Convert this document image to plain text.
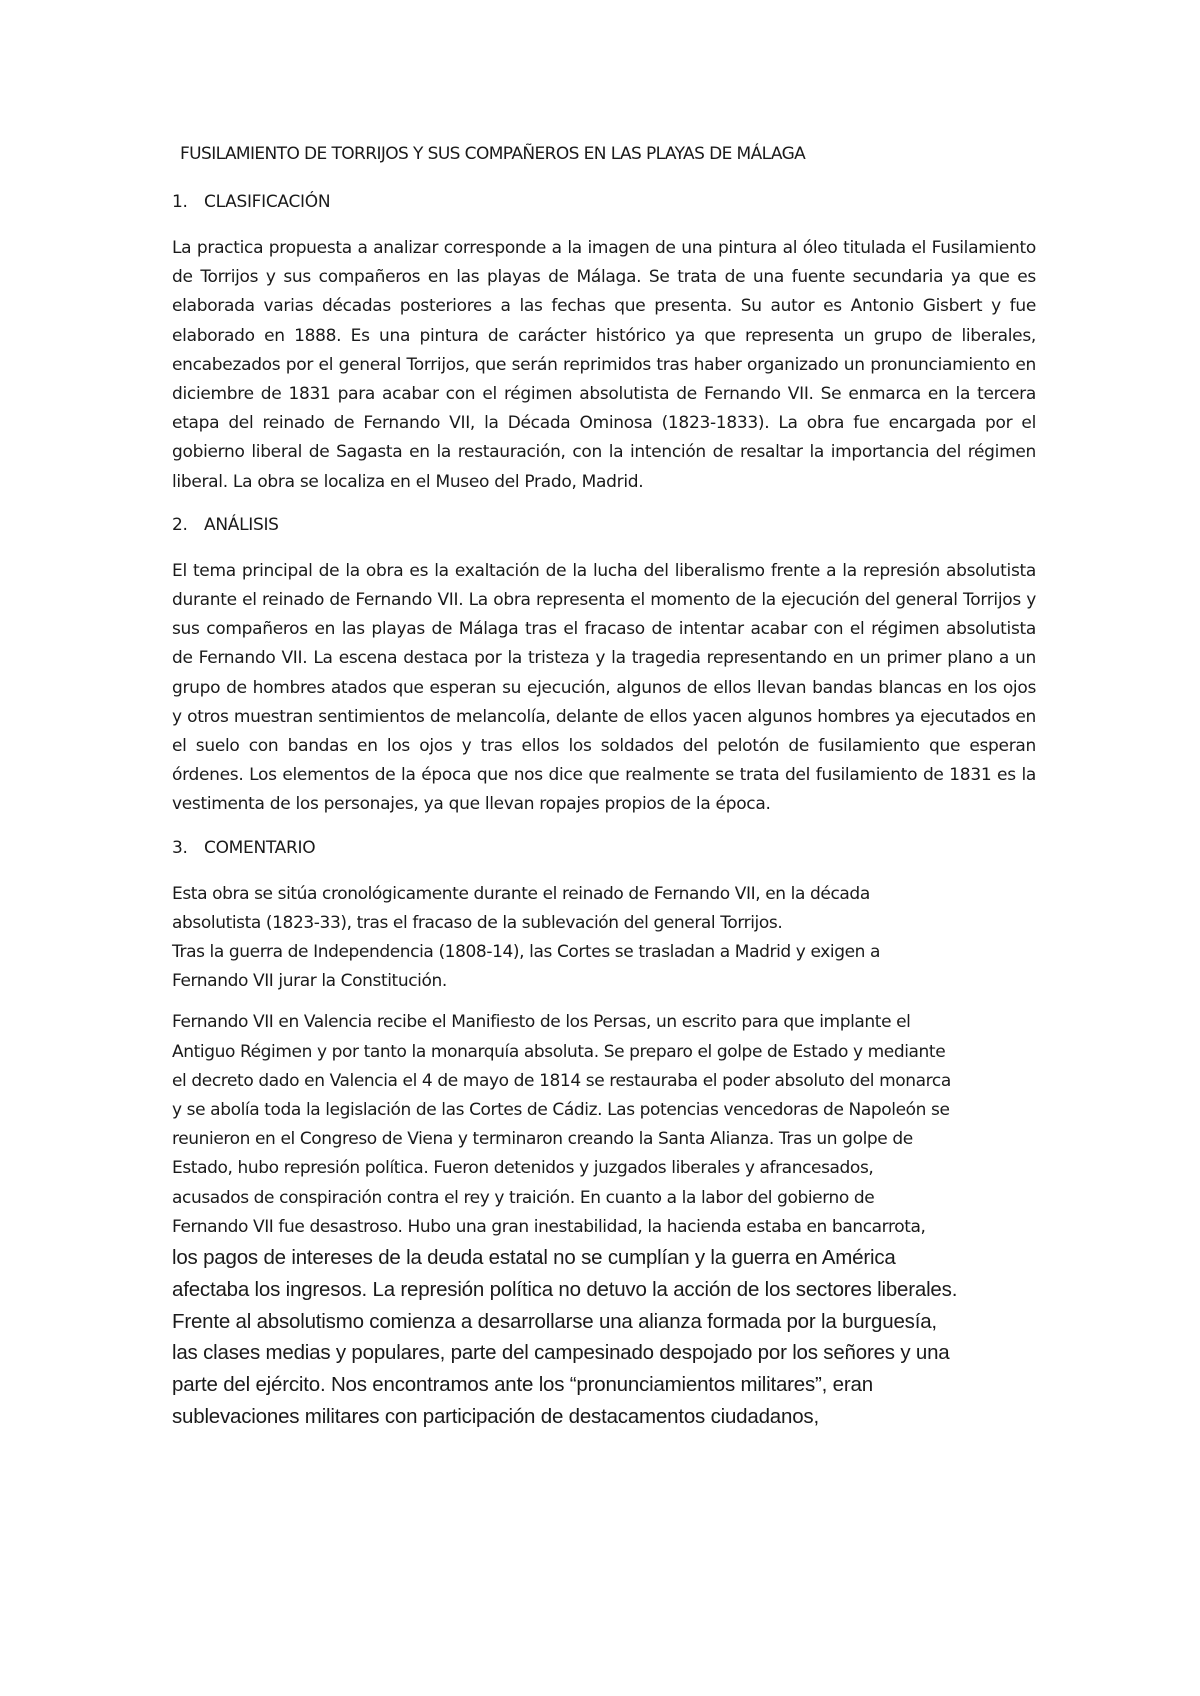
FUSILAMIENTO DE TORRIJOS Y SUS COMPAÑEROS EN LAS PLAYAS DE MÁLAGA
1. CLASIFICACIÓN

La practica propuesta a analizar corresponde a la imagen de una pintura al óleo titulada el Fusilamiento de Torrijos y sus compañeros en las playas de Málaga. Se trata de una fuente secundaria ya que es elaborada varias décadas posteriores a las fechas que presenta. Su autor es Antonio Gisbert y fue elaborado en 1888. Es una pintura de carácter histórico ya que representa un grupo de liberales, encabezados por el general Torrijos, que serán reprimidos tras haber organizado un pronunciamiento en diciembre de 1831 para acabar con el régimen absolutista de Fernando VII. Se enmarca en la tercera etapa del reinado de Fernando VII, la Década Ominosa (1823-1833). La obra fue encargada por el gobierno liberal de Sagasta en la restauración, con la intención de resaltar la importancia del régimen liberal. La obra se localiza en el Museo del Prado, Madrid.

2. ANÁLISIS

El tema principal de la obra es la exaltación de la lucha del liberalismo frente a la represión absolutista durante el reinado de Fernando VII. La obra representa el momento de la ejecución del general Torrijos y sus compañeros en las playas de Málaga tras el fracaso de intentar acabar con el régimen absolutista de Fernando VII. La escena destaca por la tristeza y la tragedia representando en un primer plano a un grupo de hombres atados que esperan su ejecución, algunos de ellos llevan bandas blancas en los ojos y otros muestran sentimientos de melancolía, delante de ellos yacen algunos hombres ya ejecutados en el suelo con bandas en los ojos y tras ellos los soldados del pelotón de fusilamiento que esperan órdenes. Los elementos de la época que nos dice que realmente se trata del fusilamiento de 1831 es la vestimenta de los personajes, ya que llevan ropajes propios de la época.

3. COMENTARIO

Esta obra se sitúa cronológicamente durante el reinado de Fernando VII, en la década
absolutista (1823-33), tras el fracaso de la sublevación del general Torrijos.
Tras la guerra de Independencia (1808-14), las Cortes se trasladan a Madrid y exigen a
Fernando VII jurar la Constitución.

Fernando VII en Valencia recibe el Manifiesto de los Persas, un escrito para que implante el
Antiguo Régimen y por tanto la monarquía absoluta. Se preparo el golpe de Estado y mediante
el decreto dado en Valencia el 4 de mayo de 1814 se restauraba el poder absoluto del monarca
y se abolía toda la legislación de las Cortes de Cádiz. Las potencias vencedoras de Napoleón se
reunieron en el Congreso de Viena y terminaron creando la Santa Alianza. Tras un golpe de
Estado, hubo represión política. Fueron detenidos y juzgados liberales y afrancesados,
acusados de conspiración contra el rey y traición. En cuanto a la labor del gobierno de
Fernando VII fue desastroso. Hubo una gran inestabilidad, la hacienda estaba en bancarrota,

los pagos de intereses de la deuda estatal no se cumplían y la guerra en América
afectaba los ingresos. La represión política no detuvo la acción de los sectores liberales.
Frente al absolutismo comienza a desarrollarse una alianza formada por la burguesía,
las clases medias y populares, parte del campesinado despojado por los señores y una
parte del ejército. Nos encontramos ante los “pronunciamientos militares”, eran
sublevaciones militares con participación de destacamentos ciudadanos,
